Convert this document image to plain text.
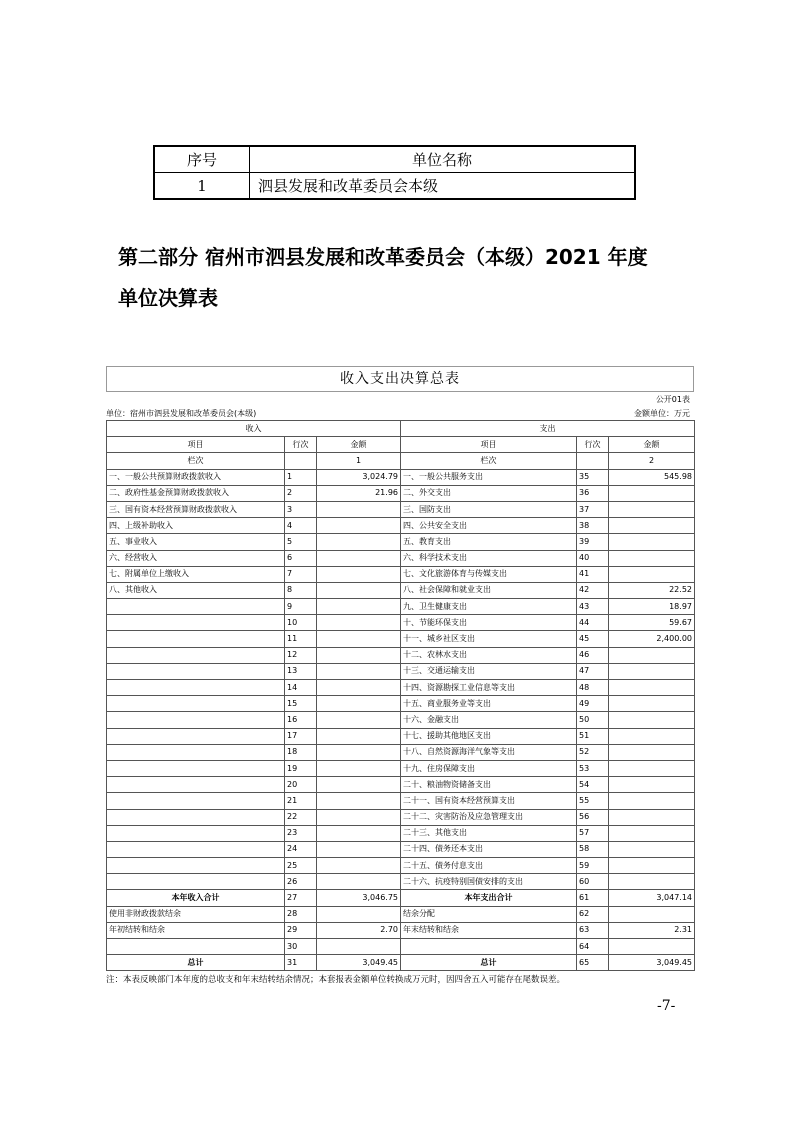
序号	单位名称
1	泗县发展和改革委员会本级
第二部分 宿州市泗县发展和改革委员会（本级）2021 年度
单位决算表
收入支出决算总表
公开01表
单位：宿州市泗县发展和改革委员会(本级)	金额单位：万元
收入			支出		
项目	行次	金额	项目	行次	金额
栏次		1	栏次		2
一、一般公共预算财政拨款收入	1	3,024.79	一、一般公共服务支出	35	545.98
二、政府性基金预算财政拨款收入	2	21.96	二、外交支出	36	
三、国有资本经营预算财政拨款收入	3		三、国防支出	37	
四、上级补助收入	4		四、公共安全支出	38	
五、事业收入	5		五、教育支出	39	
六、经营收入	6		六、科学技术支出	40	
七、附属单位上缴收入	7		七、文化旅游体育与传媒支出	41	
八、其他收入	8		八、社会保障和就业支出	42	22.52
	9		九、卫生健康支出	43	18.97
	10		十、节能环保支出	44	59.67
	11		十一、城乡社区支出	45	2,400.00
	12		十二、农林水支出	46	
	13		十三、交通运输支出	47	
	14		十四、资源勘探工业信息等支出	48	
	15		十五、商业服务业等支出	49	
	16		十六、金融支出	50	
	17		十七、援助其他地区支出	51	
	18		十八、自然资源海洋气象等支出	52	
	19		十九、住房保障支出	53	
	20		二十、粮油物资储备支出	54	
	21		二十一、国有资本经营预算支出	55	
	22		二十二、灾害防治及应急管理支出	56	
	23		二十三、其他支出	57	
	24		二十四、债务还本支出	58	
	25		二十五、债务付息支出	59	
	26		二十六、抗疫特别国债安排的支出	60	
本年收入合计	27	3,046.75	本年支出合计	61	3,047.14
使用非财政拨款结余	28		结余分配	62	
年初结转和结余	29	2.70	年末结转和结余	63	2.31
	30			64	
总计	31	3,049.45	总计	65	3,049.45
注：本表反映部门本年度的总收支和年末结转结余情况；本套报表金额单位转换成万元时，因四舍五入可能存在尾数误差。
-7-
